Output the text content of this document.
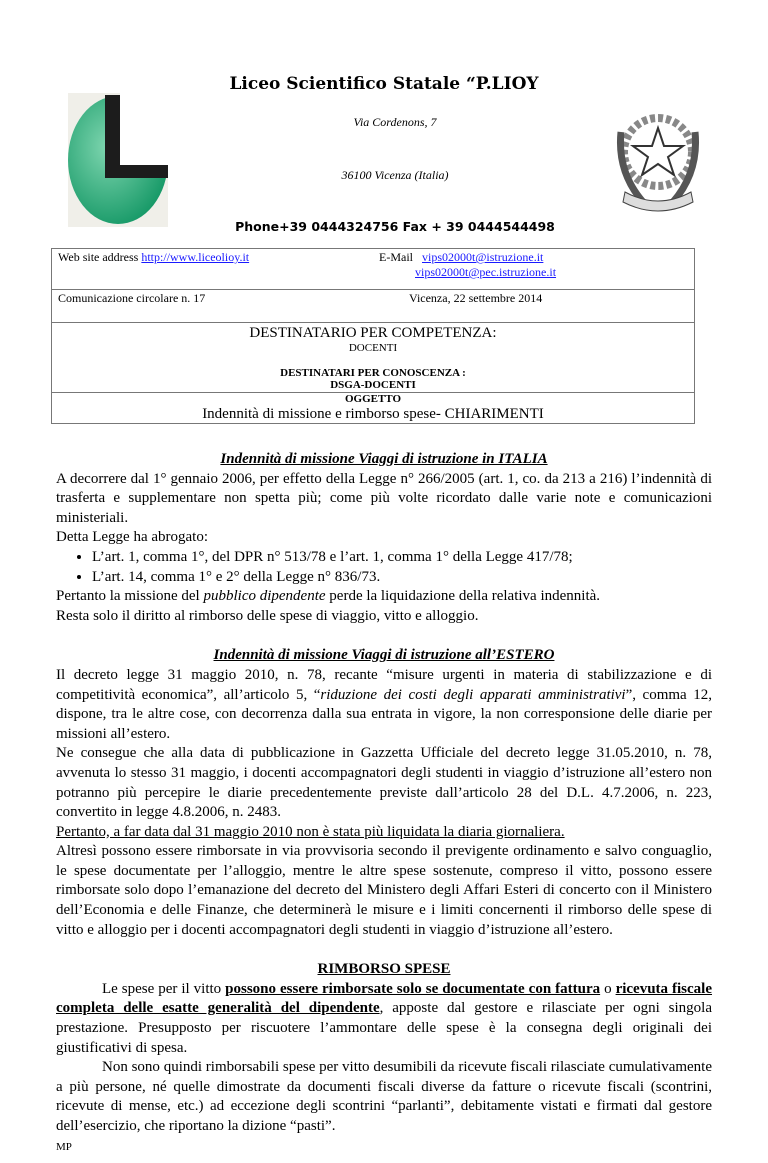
Liceo Scientifico Statale “P.LIOY
Via Cordenons, 7
36100 Vicenza (Italia)
Phone+39 0444324756 Fax + 39 0444544498
Web site address http://www.liceolioy.it	E-Mail vips02000t@istruzione.it
vips02000t@pec.istruzione.it
Comunicazione circolare n. 17	Vicenza, 22 settembre 2014

DESTINATARIO PER COMPETENZA:
DOCENTI
DESTINATARI PER CONOSCENZA :
DSGA-DOCENTI	

OGGETTO
Indennità di missione e rimborso spese- CHIARIMENTI	

Indennità di missione Viaggi di istruzione in ITALIA

A decorrere dal 1° gennaio 2006, per effetto della Legge n° 266/2005 (art. 1, co. da 213 a 216) l’indennità di trasferta e supplementare non spetta più; come più volte ricordato dalle varie note e comunicazioni ministeriali.

Detta Legge ha abrogato:

• L’art. 1, comma 1°, del DPR n° 513/78 e l’art. 1, comma 1° della Legge 417/78;
• L’art. 14, comma 1° e 2° della Legge n° 836/73.

Pertanto la missione del pubblico dipendente perde la liquidazione della relativa indennità.

Resta solo il diritto al rimborso delle spese di viaggio, vitto e alloggio.

Indennità di missione Viaggi di istruzione all’ESTERO

Il decreto legge 31 maggio 2010, n. 78, recante “misure urgenti in materia di stabilizzazione e di competitività economica”, all’articolo 5, “riduzione dei costi degli apparati amministrativi”, comma 12, dispone, tra le altre cose, con decorrenza dalla sua entrata in vigore, la non corresponsione delle diarie per missioni all’estero.

Ne consegue che alla data di pubblicazione in Gazzetta Ufficiale del decreto legge 31.05.2010, n. 78, avvenuta lo stesso 31 maggio, i docenti accompagnatori degli studenti in viaggio d’istruzione all’estero non potranno più percepire le diarie precedentemente previste dall’articolo 28 del D.L. 4.7.2006, n. 223, convertito in legge 4.8.2006, n. 2483.

Pertanto, a far data dal 31 maggio 2010 non è stata più liquidata la diaria giornaliera.

Altresì possono essere rimborsate in via provvisoria secondo il previgente ordinamento e salvo conguaglio, le spese documentate per l’alloggio, mentre le altre spese sostenute, compreso il vitto, possono essere rimborsate solo dopo l’emanazione del decreto del Ministero degli Affari Esteri di concerto con il Ministero dell’Economia e delle Finanze, che determinerà le misure e i limiti concernenti il rimborso delle spese di vitto e alloggio per i docenti accompagnatori degli studenti in viaggio d’istruzione all’estero.

RIMBORSO SPESE

Le spese per il vitto possono essere rimborsate solo se documentate con fattura o ricevuta fiscale completa delle esatte generalità del dipendente, apposte dal gestore e rilasciate per ogni singola prestazione. Presupposto per riscuotere l’ammontare delle spese è la consegna degli originali dei giustificativi di spesa.

Non sono quindi rimborsabili spese per vitto desumibili da ricevute fiscali rilasciate cumulativamente a più persone, né quelle dimostrate da documenti fiscali diverse da fatture o ricevute fiscali (scontrini, ricevute di mense, etc.) ad eccezione degli scontrini “parlanti”, debitamente vistati e firmati dal gestore dell’esercizio, che riportano la dizione “pasti”.

MP
